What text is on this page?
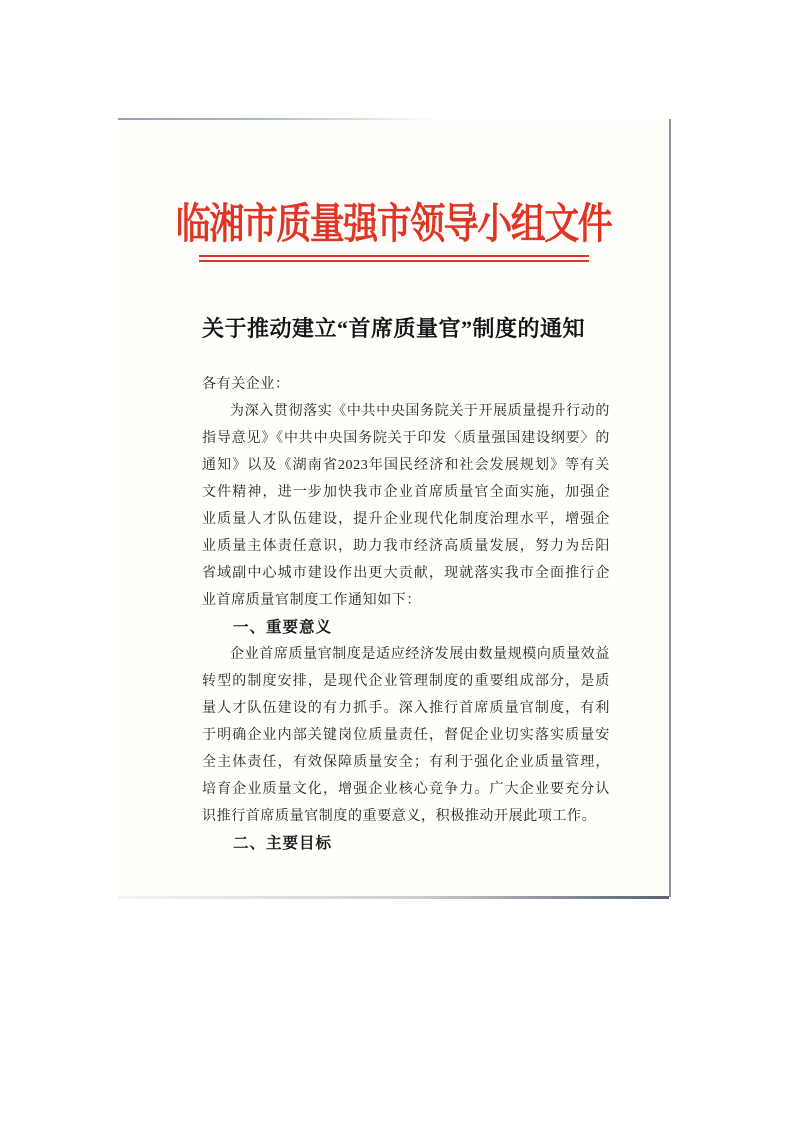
临湘市质量强市领导小组文件
关于推动建立“首席质量官”制度的通知

各有关企业：

为深入贯彻落实《中共中央国务院关于开展质量提升行动的指导意见》《中共中央国务院关于印发〈质量强国建设纲要〉的通知》以及《湖南省2023年国民经济和社会发展规划》等有关文件精神，进一步加快我市企业首席质量官全面实施，加强企业质量人才队伍建设，提升企业现代化制度治理水平，增强企业质量主体责任意识，助力我市经济高质量发展，努力为岳阳省域副中心城市建设作出更大贡献，现就落实我市全面推行企业首席质量官制度工作通知如下：

一、重要意义

企业首席质量官制度是适应经济发展由数量规模向质量效益转型的制度安排，是现代企业管理制度的重要组成部分，是质量人才队伍建设的有力抓手。深入推行首席质量官制度，有利于明确企业内部关键岗位质量责任，督促企业切实落实质量安全主体责任，有效保障质量安全；有利于强化企业质量管理，培育企业质量文化，增强企业核心竞争力。广大企业要充分认识推行首席质量官制度的重要意义，积极推动开展此项工作。

二、主要目标
